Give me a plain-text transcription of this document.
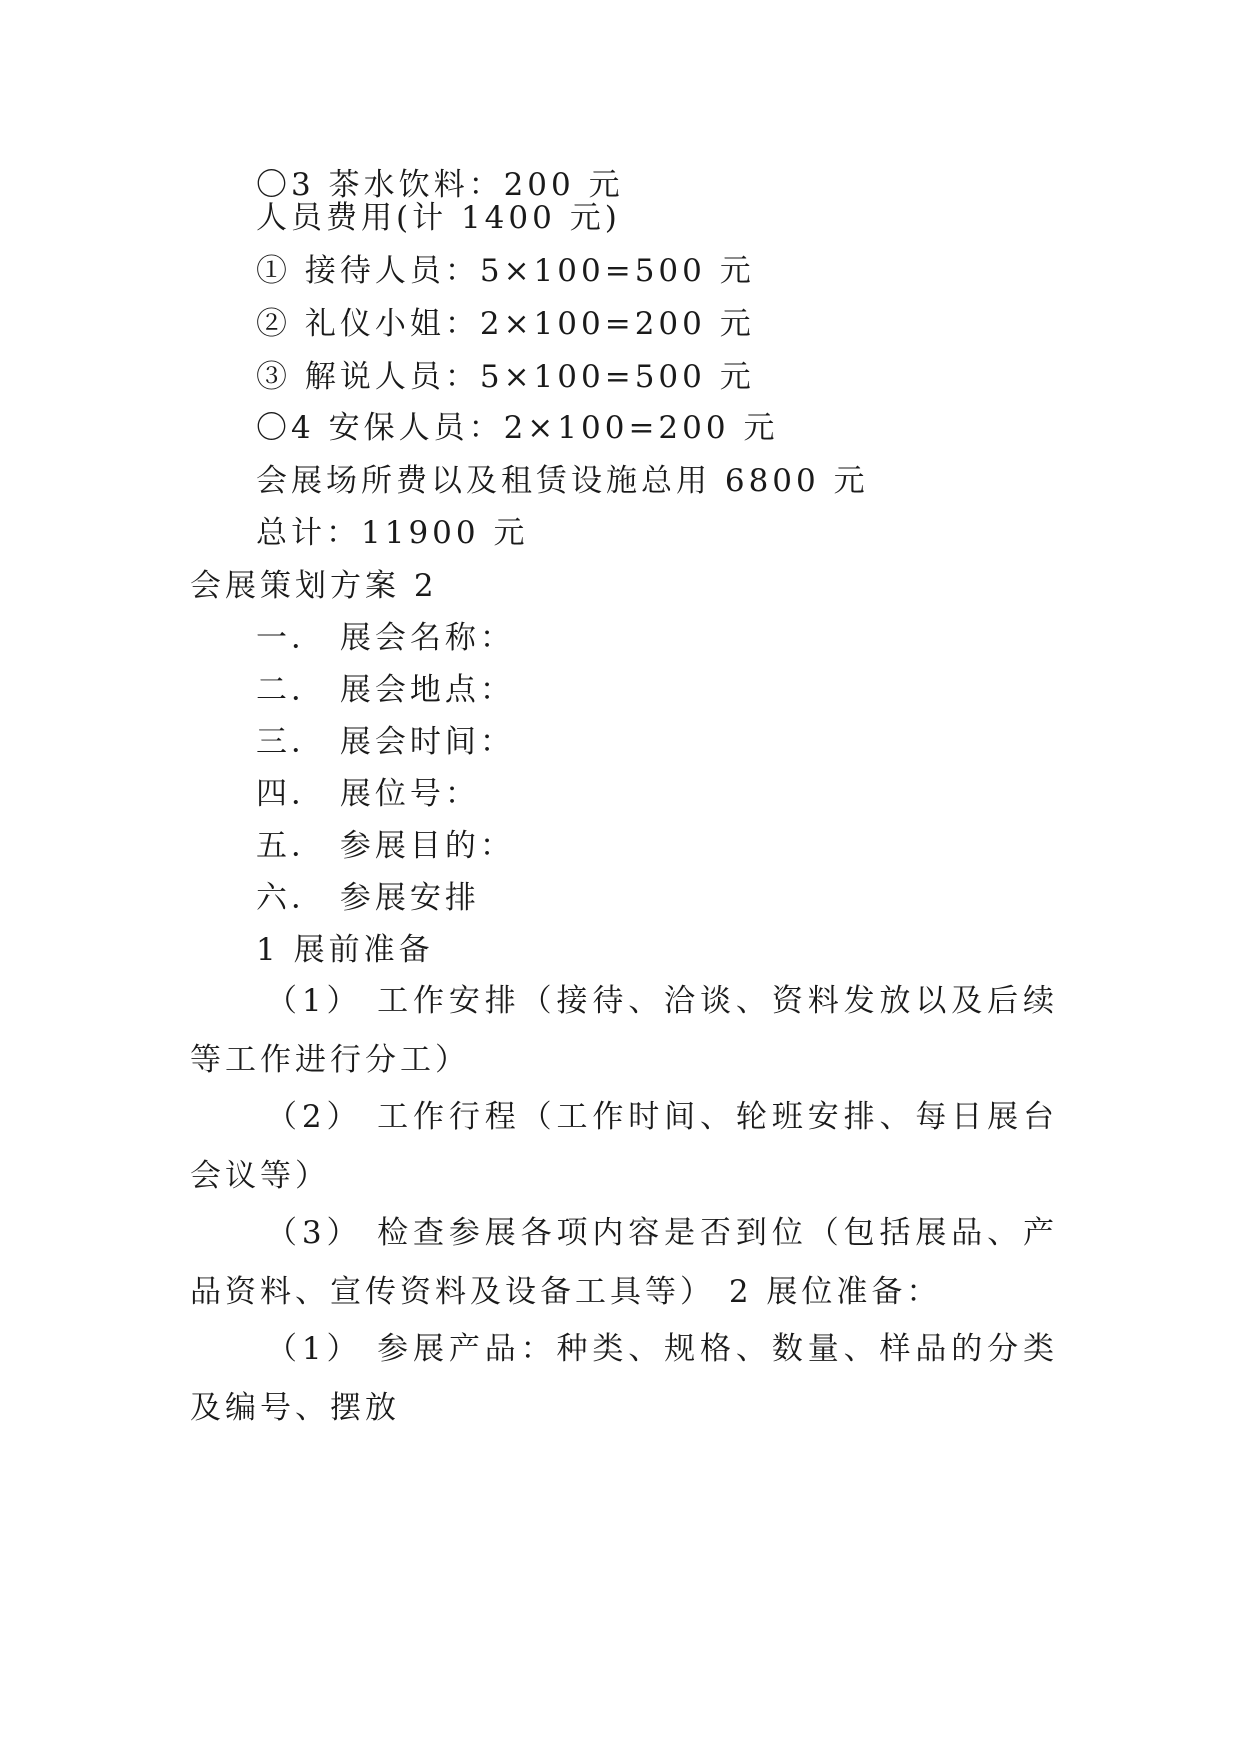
〇3 茶水饮料：200 元
人员费用(计 1400 元)
① 接待人员：5×100=500 元
② 礼仪小姐：2×100=200 元
③ 解说人员：5×100=500 元
〇4 安保人员：2×100=200 元
会展场所费以及租赁设施总用 6800 元
总计：11900 元
会展策划方案 2
一． 展会名称：
二． 展会地点：
三． 展会时间：
四． 展位号：
五． 参展目的：
六． 参展安排
1 展前准备
（1） 工作安排（接待、洽谈、资料发放以及后续等工作进行分工）
（2） 工作行程（工作时间、轮班安排、每日展台会议等）
（3） 检查参展各项内容是否到位（包括展品、产品资料、宣传资料及设备工具等） 2 展位准备：
（1） 参展产品：种类、规格、数量、样品的分类及编号、摆放
